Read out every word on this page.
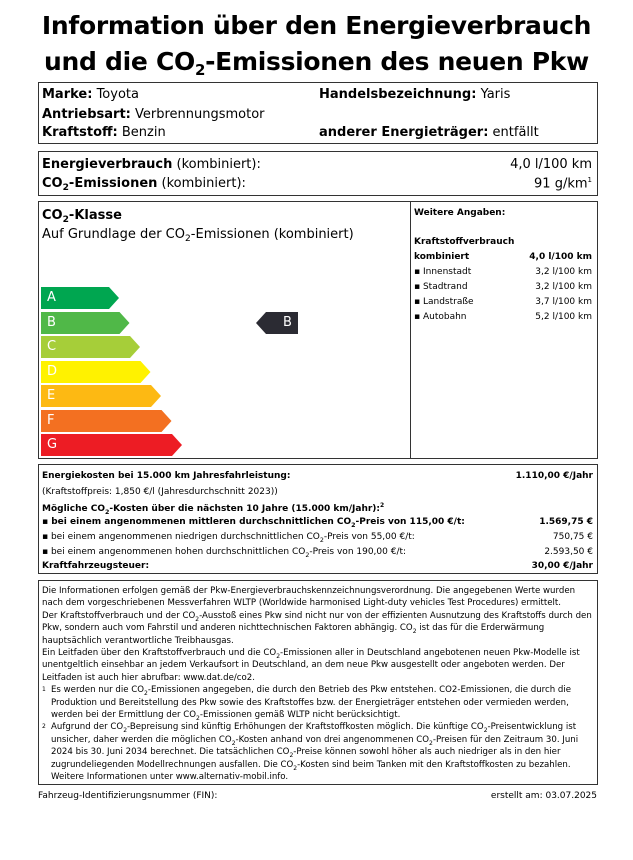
Information über den Energieverbrauch
und die $CO_2$-Emissionen des neuen Pkw
Marke: Toyota	Handelsbezeichnung: Yaris
Antriebsart: Verbrennungsmotor
Kraftstoff: Benzin	anderer Energieträger: entfällt
Energieverbrauch (kombiniert):	4,0 l/100 km
$CO_2$-Emissionen (kombiniert):	91 $g/km^1$
$CO_2$-Klasse
Auf Grundlage der $CO_2$-Emissionen (kombiniert)
A
B
C
D
E
F
G
B
Weitere Angaben:
Kraftstoffverbrauch
kombiniert	4,0 l/100 km
▪ Innenstadt	3,2 l/100 km
▪ Stadtrand	3,2 l/100 km
▪ Landstraße	3,7 l/100 km
▪ Autobahn	5,2 l/100 km
Energiekosten bei 15.000 km Jahresfahrleistung:	1.110,00 €/Jahr
(Kraftstoffpreis: 1,850 €/l (Jahresdurchschnitt 2023))
Mögliche $CO_2$-Kosten über die nächsten 10 Jahre (15.000 km/Jahr):$^2$
▪ bei einem angenommenen mittleren durchschnittlichen $CO_2$-Preis von 115,00 €/t:	1.569,75 €
▪ bei einem angenommenen niedrigen durchschnittlichen $CO_2$-Preis von 55,00 €/t:	750,75 €
▪ bei einem angenommenen hohen durchschnittlichen $CO_2$-Preis von 190,00 €/t:	2.593,50 €
Kraftfahrzeugsteuer:	30,00 €/Jahr

Die Informationen erfolgen gemäß der Pkw-Energieverbrauchskennzeichnungsverordnung. Die angegebenen Werte wurden nach dem vorgeschriebenen Messverfahren WLTP (Worldwide harmonised Light-duty vehicles Test Procedures) ermittelt.

Der Kraftstoffverbrauch und der $CO_2$-Ausstoß eines Pkw sind nicht nur von der effizienten Ausnutzung des Kraftstoffs durch den Pkw, sondern auch vom Fahrstil und anderen nichttechnischen Faktoren abhängig. $CO_2$ ist das für die Erderwärmung hauptsächlich verantwortliche Treibhausgas.

Ein Leitfaden über den Kraftstoffverbrauch und die $CO_2$-Emissionen aller in Deutschland angebotenen neuen Pkw-Modelle ist unentgeltlich einsehbar an jedem Verkaufsort in Deutschland, an dem neue Pkw ausgestellt oder angeboten werden. Der Leitfaden ist auch hier abrufbar: www.dat.de/co2.

1 Es werden nur die $CO_2$-Emissionen angegeben, die durch den Betrieb des Pkw entstehen. CO2-Emissionen, die durch die Produktion und Bereitstellung des Pkw sowie des Kraftstoffes bzw. der Energieträger entstehen oder vermieden werden, werden bei der Ermittlung der $CO_2$-Emissionen gemäß WLTP nicht berücksichtigt.
2 Aufgrund der $CO_2$-Bepreisung sind künftig Erhöhungen der Kraftstoffkosten möglich. Die künftige $CO_2$-Preisentwicklung ist unsicher, daher werden die möglichen $CO_2$-Kosten anhand von drei angenommenen $CO_2$-Preisen für den Zeitraum 30. Juni 2024 bis 30. Juni 2034 berechnet. Die tatsächlichen $CO_2$-Preise können sowohl höher als auch niedriger als in den hier zugrundeliegenden Modellrechnungen ausfallen. Die $CO_2$-Kosten sind beim Tanken mit den Kraftstoffkosten zu bezahlen. Weitere Informationen unter www.alternativ-mobil.info.
Fahrzeug-Identifizierungsnummer (FIN):	erstellt am: 03.07.2025
